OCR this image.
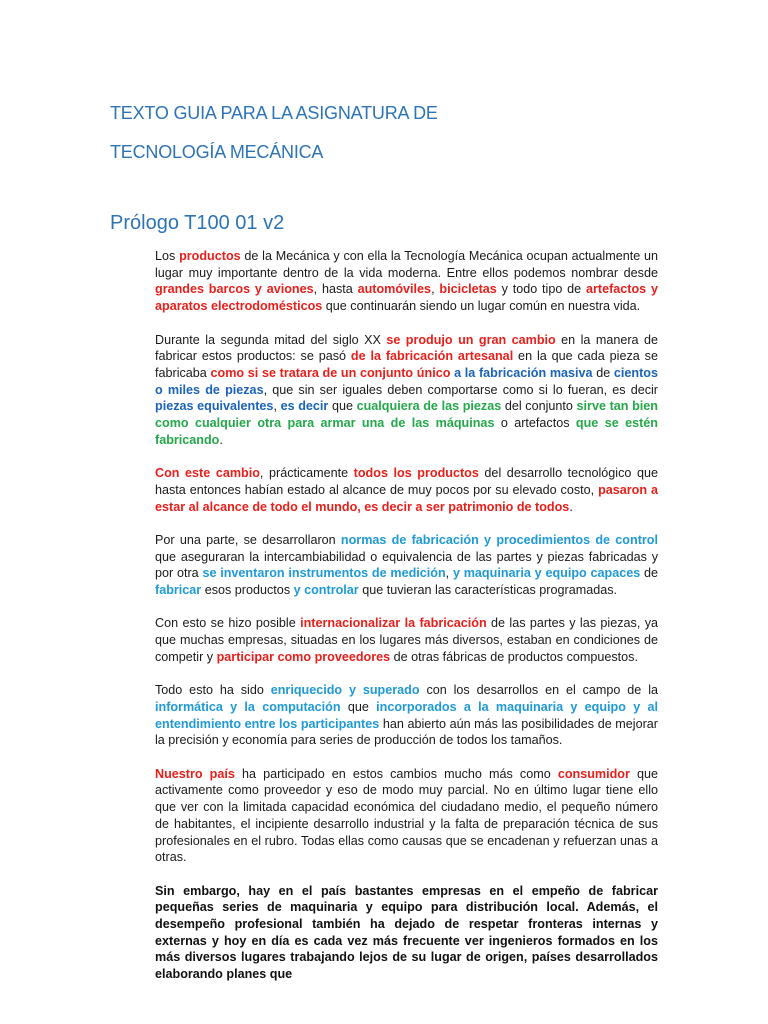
TEXTO GUIA PARA LA ASIGNATURA DE
TECNOLOGÍA MECÁNICA
Prólogo T100 01 v2

Los productos de la Mecánica y con ella la Tecnología Mecánica ocupan actualmente un lugar muy importante dentro de la vida moderna. Entre ellos podemos nombrar desde grandes barcos y aviones, hasta automóviles, bicicletas y todo tipo de artefactos y aparatos electrodomésticos que continuarán siendo un lugar común en nuestra vida.

Durante la segunda mitad del siglo XX se produjo un gran cambio en la manera de fabricar estos productos: se pasó de la fabricación artesanal en la que cada pieza se fabricaba como si se tratara de un conjunto único a la fabricación masiva de cientos o miles de piezas, que sin ser iguales deben comportarse como si lo fueran, es decir piezas equivalentes, es decir que cualquiera de las piezas del conjunto sirve tan bien como cualquier otra para armar una de las máquinas o artefactos que se estén fabricando.

Con este cambio, prácticamente todos los productos del desarrollo tecnológico que hasta entonces habían estado al alcance de muy pocos por su elevado costo, pasaron a estar al alcance de todo el mundo, es decir a ser patrimonio de todos.

Por una parte, se desarrollaron normas de fabricación y procedimientos de control que aseguraran la intercambiabilidad o equivalencia de las partes y piezas fabricadas y por otra se inventaron instrumentos de medición, y maquinaria y equipo capaces de fabricar esos productos y controlar que tuvieran las características programadas.

Con esto se hizo posible internacionalizar la fabricación de las partes y las piezas, ya que muchas empresas, situadas en los lugares más diversos, estaban en condiciones de competir y participar como proveedores de otras fábricas de productos compuestos.

Todo esto ha sido enriquecido y superado con los desarrollos en el campo de la informática y la computación que incorporados a la maquinaria y equipo y al entendimiento entre los participantes han abierto aún más las posibilidades de mejorar la precisión y economía para series de producción de todos los tamaños.

Nuestro país ha participado en estos cambios mucho más como consumidor que activamente como proveedor y eso de modo muy parcial. No en último lugar tiene ello que ver con la limitada capacidad económica del ciudadano medio, el pequeño número de habitantes, el incipiente desarrollo industrial y la falta de preparación técnica de sus profesionales en el rubro. Todas ellas como causas que se encadenan y refuerzan unas a otras.

Sin embargo, hay en el país bastantes empresas en el empeño de fabricar pequeñas series de maquinaria y equipo para distribución local. Además, el desempeño profesional también ha dejado de respetar fronteras internas y externas y hoy en día es cada vez más frecuente ver ingenieros formados en los más diversos lugares trabajando lejos de su lugar de origen, países desarrollados elaborando planes que
